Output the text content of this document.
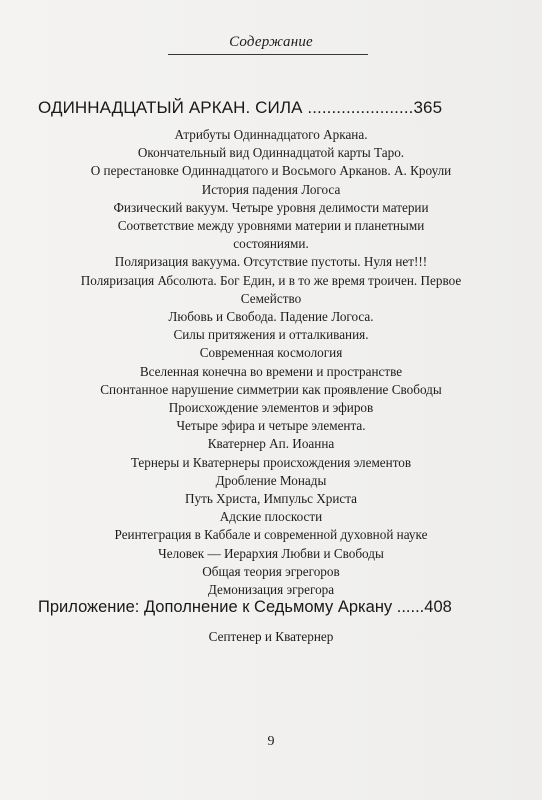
Содержание
ОДИННАДЦАТЫЙ АРКАН. СИЛА ......................365
Атрибуты Одиннадцатого Аркана.
Окончательный вид Одиннадцатой карты Таро.
О перестановке Одиннадцатого и Восьмого Арканов. А. Кроули
История падения Логоса
Физический вакуум. Четыре уровня делимости материи
Соответствие между уровнями материи и планетными
состояниями.
Поляризация вакуума. Отсутствие пустоты. Нуля нет!!!
Поляризация Абсолюта. Бог Един, и в то же время троичен. Первое
Семейство
Любовь и Свобода. Падение Логоса.
Силы притяжения и отталкивания.
Современная космология
Вселенная конечна во времени и пространстве
Спонтанное нарушение симметрии как проявление Свободы
Происхождение элементов и эфиров
Четыре эфира и четыре элемента.
Кватернер Ап. Иоанна
Тернеры и Кватернеры происхождения элементов
Дробление Монады
Путь Христа, Импульс Христа
Адские плоскости
Реинтеграция в Каббале и современной духовной науке
Человек — Иерархия Любви и Свободы
Общая теория эгрегоров
Демонизация эгрегора
Приложение: Дополнение к Седьмому Аркану ......408
Септенер и Кватернер
9
